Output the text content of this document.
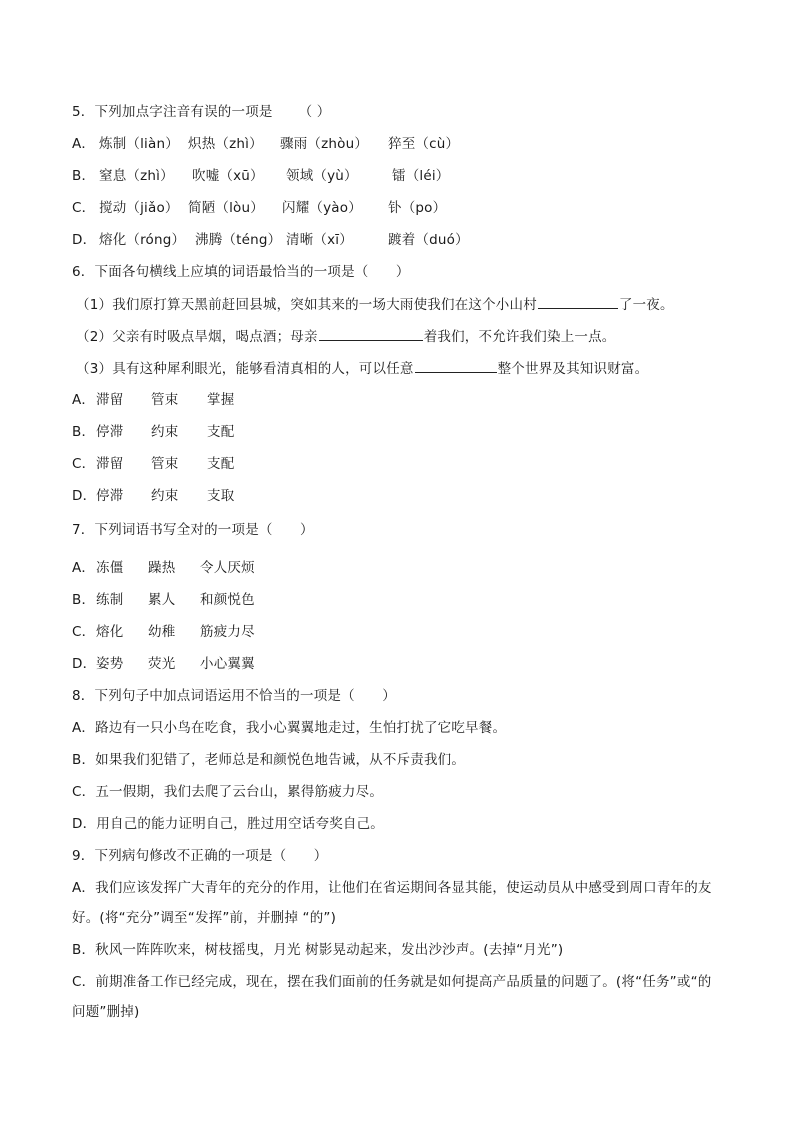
5．下列加点字注音有误的一项是 （ ）
A． 炼制（liàn） 炽热（zhì） 骤雨（zhòu） 猝至（cù）
B． 窒息（zhì） 吹嘘（xū） 领域（yù）	镭（léi）
C． 搅动（jiǎo） 简陋（lòu） 闪耀（yào） 钋（po）
D． 熔化（róng） 沸腾（téng） 清晰（xī）	踱着（duó）
6．下面各句横线上应填的词语最恰当的一项是（　　）
（1）我们原打算天黑前赶回县城，突如其来的一场大雨使我们在这个小山村	了一夜。
（2）父亲有时吸点旱烟，喝点酒；母亲	着我们，不允许我们染上一点。
（3）具有这种犀利眼光，能够看清真相的人，可以任意	整个世界及其知识财富。
A． 滞留 管束 掌握
B． 停滞 约束 支配
C． 滞留 管束 支配
D． 停滞 约束 支取
7．下列词语书写全对的一项是（　　）
A． 冻僵 躁热 令人厌烦
B． 练制 累人 和颜悦色
C． 熔化 幼稚 筋疲力尽
D． 姿势 荧光 小心翼翼
8．下列句子中加点词语运用不恰当的一项是（　　）
A．路边有一只小鸟在吃食，我小心翼翼地走过，生怕打扰了它吃早餐。
B．如果我们犯错了，老师总是和颜悦色地告诫，从不斥责我们。
C．五一假期，我们去爬了云台山，累得筋疲力尽。
D．用自己的能力证明自己，胜过用空话夸奖自己。
9．下列病句修改不正确的一项是（　　）
A．我们应该发挥广大青年的充分的作用，让他们在省运期间各显其能，使运动员从中感受到周口青年的友
好。(将“充分”调至“发挥”前，并删掉 “的”)
B．秋风一阵阵吹来，树枝摇曳，月光 树影晃动起来，发出沙沙声。(去掉“月光”)
C．前期准备工作已经完成，现在，摆在我们面前的任务就是如何提高产品质量的问题了。(将“任务”或“的
问题”删掉)
